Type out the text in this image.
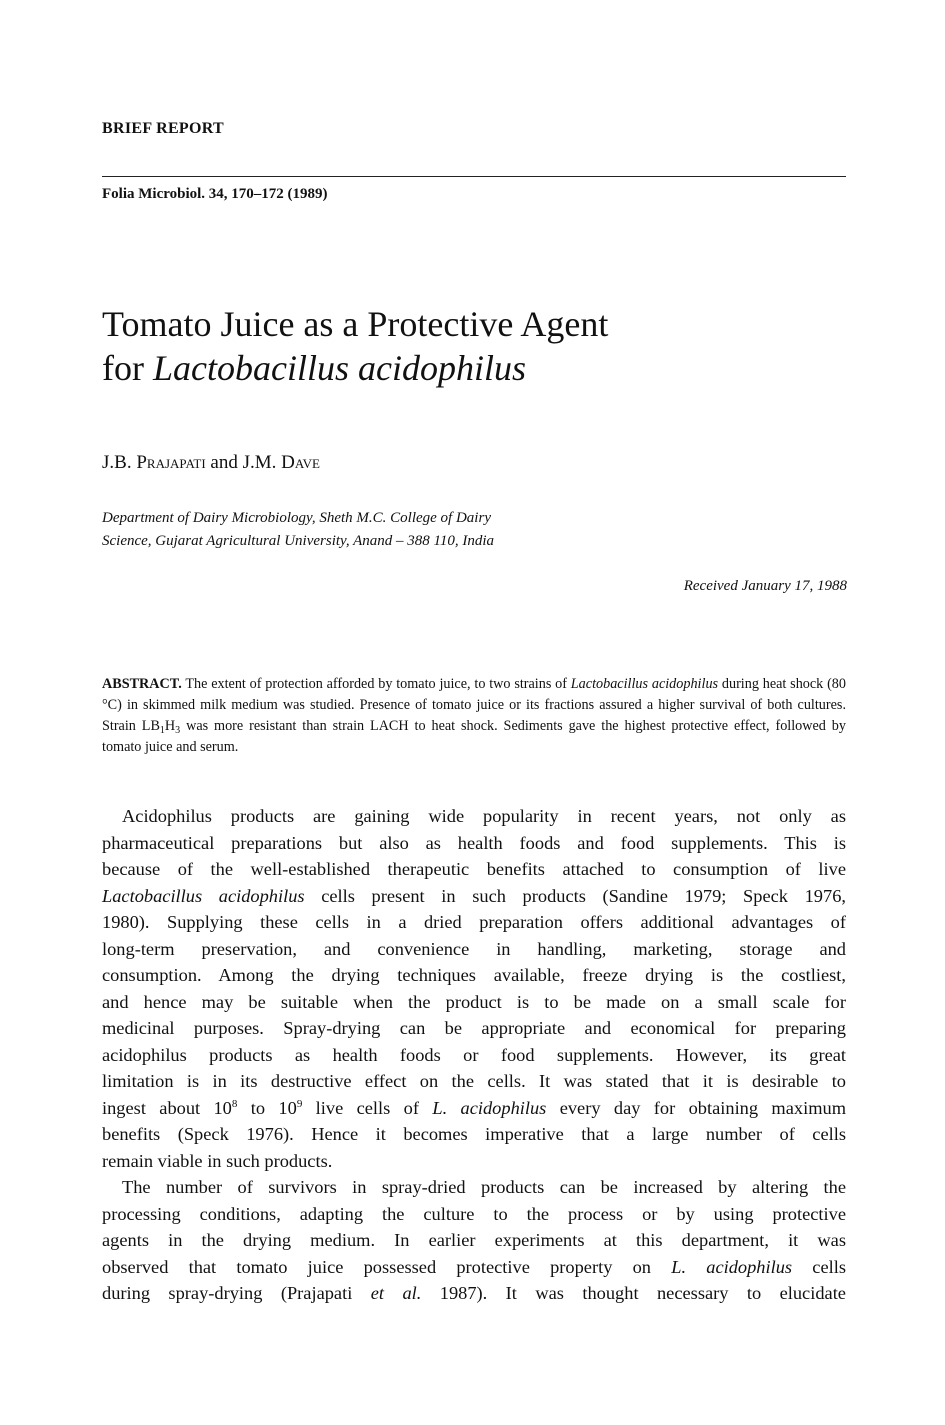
BRIEF REPORT
Folia Microbiol. 34, 170–172 (1989)
Tomato Juice as a Protective Agent
for Lactobacillus acidophilus
J.B. Prajapati and J.M. Dave
Department of Dairy Microbiology, Sheth M.C. College of Dairy
Science, Gujarat Agricultural University, Anand – 388 110, India
Received January 17, 1988
ABSTRACT. The extent of protection afforded by tomato juice, to two strains of Lactobacillus acidophilus during heat shock (80 °C) in skimmed milk medium was studied. Presence of tomato juice or its fractions assured a higher survival of both cultures. Strain $LB_1H_3$ was more resistant than strain LACH to heat shock. Sediments gave the highest protective effect, followed by tomato juice and serum.

Acidophilus products are gaining wide popularity in recent years, not only as
pharmaceutical preparations but also as health foods and food supplements. This is
because of the well-established therapeutic benefits attached to consumption of live
Lactobacillus acidophilus cells present in such products (Sandine 1979; Speck 1976,
1980). Supplying these cells in a dried preparation offers additional advantages of
long-term preservation, and convenience in handling, marketing, storage and
consumption. Among the drying techniques available, freeze drying is the costliest,
and hence may be suitable when the product is to be made on a small scale for
medicinal purposes. Spray-drying can be appropriate and economical for preparing
acidophilus products as health foods or food supplements. However, its great
limitation is in its destructive effect on the cells. It was stated that it is desirable to
ingest about $10^8$ to $10^9$ live cells of L. acidophilus every day for obtaining maximum
benefits (Speck 1976). Hence it becomes imperative that a large number of cells
remain viable in such products.

The number of survivors in spray-dried products can be increased by altering the
processing conditions, adapting the culture to the process or by using protective
agents in the drying medium. In earlier experiments at this department, it was
observed that tomato juice possessed protective property on L. acidophilus cells
during spray-drying (Prajapati et al. 1987). It was thought necessary to elucidate
